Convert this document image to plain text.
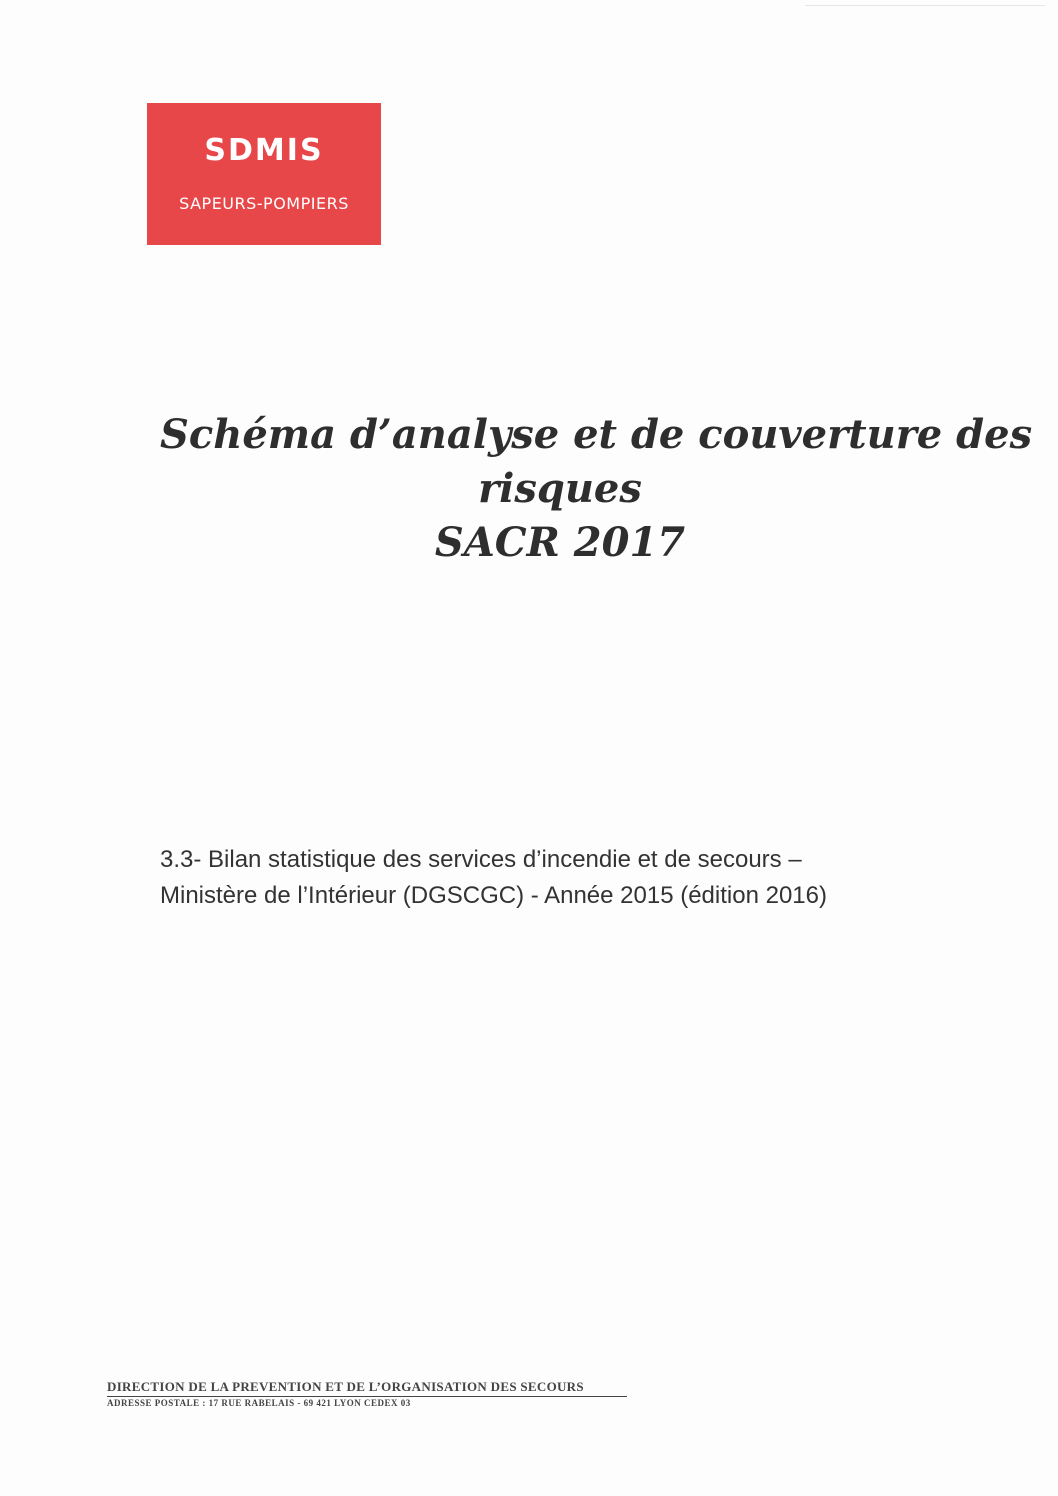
SDMIS
SAPEURS-POMPIERS
Schéma d’analyse et de couverture des
risques
SACR 2017
3.3- Bilan statistique des services d’incendie et de secours –
Ministère de l’Intérieur (DGSCGC) - Année 2015 (édition 2016)
DIRECTION DE LA PREVENTION ET DE L’ORGANISATION DES SECOURS
ADRESSE POSTALE : 17 RUE RABELAIS - 69 421 LYON CEDEX 03
